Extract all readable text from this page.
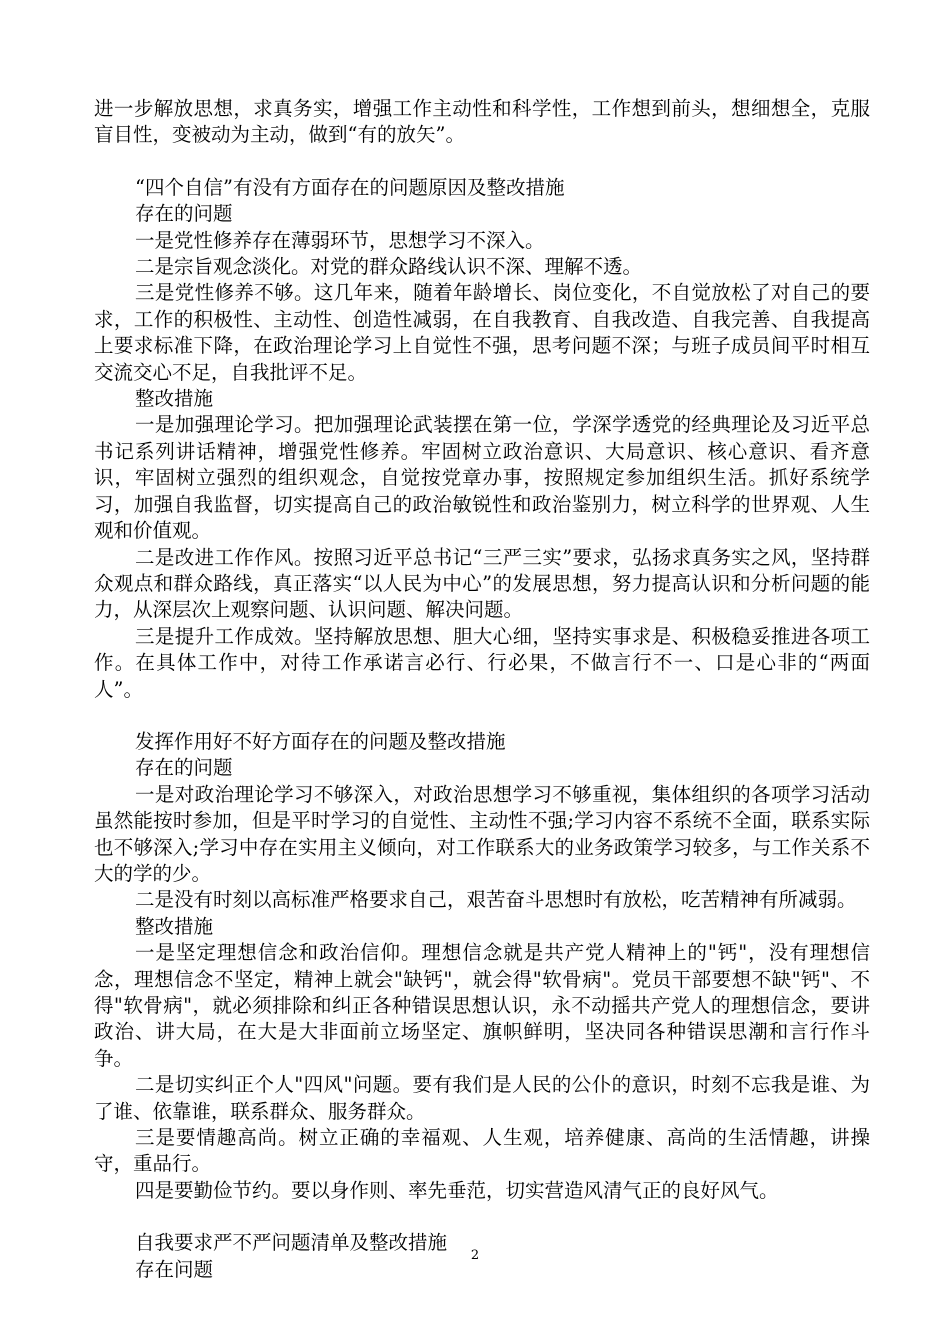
进一步解放思想，求真务实，增强工作主动性和科学性，工作想到前头，想细想全，克服盲目性，变被动为主动，做到“有的放矢”。

“四个自信”有没有方面存在的问题原因及整改措施

存在的问题

一是党性修养存在薄弱环节，思想学习不深入。

二是宗旨观念淡化。对党的群众路线认识不深、理解不透。

三是党性修养不够。这几年来，随着年龄增长、岗位变化，不自觉放松了对自己的要求，工作的积极性、主动性、创造性减弱，在自我教育、自我改造、自我完善、自我提高上要求标准下降，在政治理论学习上自觉性不强，思考问题不深；与班子成员间平时相互交流交心不足，自我批评不足。

整改措施

一是加强理论学习。把加强理论武装摆在第一位，学深学透党的经典理论及习近平总书记系列讲话精神，增强党性修养。牢固树立政治意识、大局意识、核心意识、看齐意识，牢固树立强烈的组织观念，自觉按党章办事，按照规定参加组织生活。抓好系统学习，加强自我监督，切实提高自己的政治敏锐性和政治鉴别力，树立科学的世界观、人生观和价值观。

二是改进工作作风。按照习近平总书记“三严三实”要求，弘扬求真务实之风，坚持群众观点和群众路线，真正落实“以人民为中心”的发展思想，努力提高认识和分析问题的能力，从深层次上观察问题、认识问题、解决问题。

三是提升工作成效。坚持解放思想、胆大心细，坚持实事求是、积极稳妥推进各项工作。在具体工作中，对待工作承诺言必行、行必果，不做言行不一、口是心非的“两面人”。

发挥作用好不好方面存在的问题及整改措施

存在的问题

一是对政治理论学习不够深入，对政治思想学习不够重视，集体组织的各项学习活动虽然能按时参加，但是平时学习的自觉性、主动性不强;学习内容不系统不全面，联系实际也不够深入;学习中存在实用主义倾向，对工作联系大的业务政策学习较多，与工作关系不大的学的少。

二是没有时刻以高标准严格要求自己，艰苦奋斗思想时有放松，吃苦精神有所减弱。

整改措施

一是坚定理想信念和政治信仰。理想信念就是共产党人精神上的"钙"，没有理想信念，理想信念不坚定，精神上就会"缺钙"，就会得"软骨病"。党员干部要想不缺"钙"、不得"软骨病"，就必须排除和纠正各种错误思想认识，永不动摇共产党人的理想信念，要讲政治、讲大局，在大是大非面前立场坚定、旗帜鲜明，坚决同各种错误思潮和言行作斗争。

二是切实纠正个人"四风"问题。要有我们是人民的公仆的意识，时刻不忘我是谁、为了谁、依靠谁，联系群众、服务群众。

三是要情趣高尚。树立正确的幸福观、人生观，培养健康、高尚的生活情趣，讲操守，重品行。

四是要勤俭节约。要以身作则、率先垂范，切实营造风清气正的良好风气。

自我要求严不严问题清单及整改措施

存在问题

2
